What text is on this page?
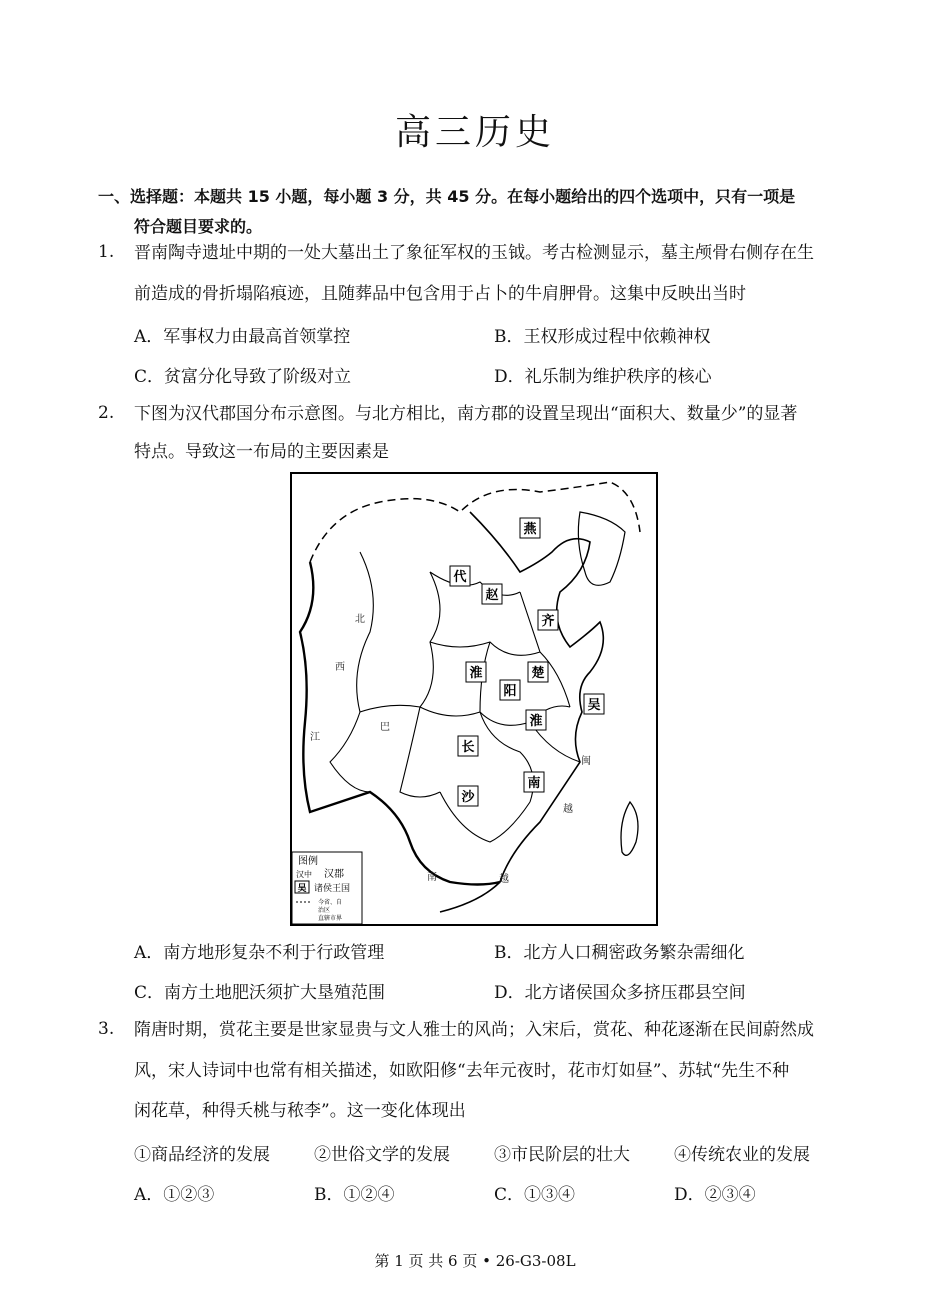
高三历史
一、选择题：本题共 15 小题，每小题 3 分，共 45 分。在每小题给出的四个选项中，只有一项是
符合题目要求的。
1. 晋南陶寺遗址中期的一处大墓出土了象征军权的玉钺。考古检测显示，墓主颅骨右侧存在生
前造成的骨折塌陷痕迹，且随葬品中包含用于占卜的牛肩胛骨。这集中反映出当时
A．军事权力由最高首领掌控	B．王权形成过程中依赖神权
C．贫富分化导致了阶级对立	D．礼乐制为维护秩序的核心
2. 下图为汉代郡国分布示意图。与北方相比，南方郡的设置呈现出“面积大、数量少”的显著
特点。导致这一布局的主要因素是
燕
代
赵
齐
淮
阳
楚
吴
淮
长
沙
南
北
西
巴
江
南	越
闽
越
图例
汉中 汉郡
吴 诸侯王国
今省、自
治区
直辖市界
A．南方地形复杂不利于行政管理	B．北方人口稠密政务繁杂需细化
C．南方土地肥沃须扩大垦殖范围	D．北方诸侯国众多挤压郡县空间
3. 隋唐时期，赏花主要是世家显贵与文人雅士的风尚；入宋后，赏花、种花逐渐在民间蔚然成
风，宋人诗词中也常有相关描述，如欧阳修“去年元夜时，花市灯如昼”、苏轼“先生不种
闲花草，种得夭桃与秾李”。这一变化体现出
①商品经济的发展	②世俗文学的发展	③市民阶层的壮大	④传统农业的发展
A．①②③	B．①②④	C．①③④	D．②③④
第 1 页 共 6 页 • 26-G3-08L
